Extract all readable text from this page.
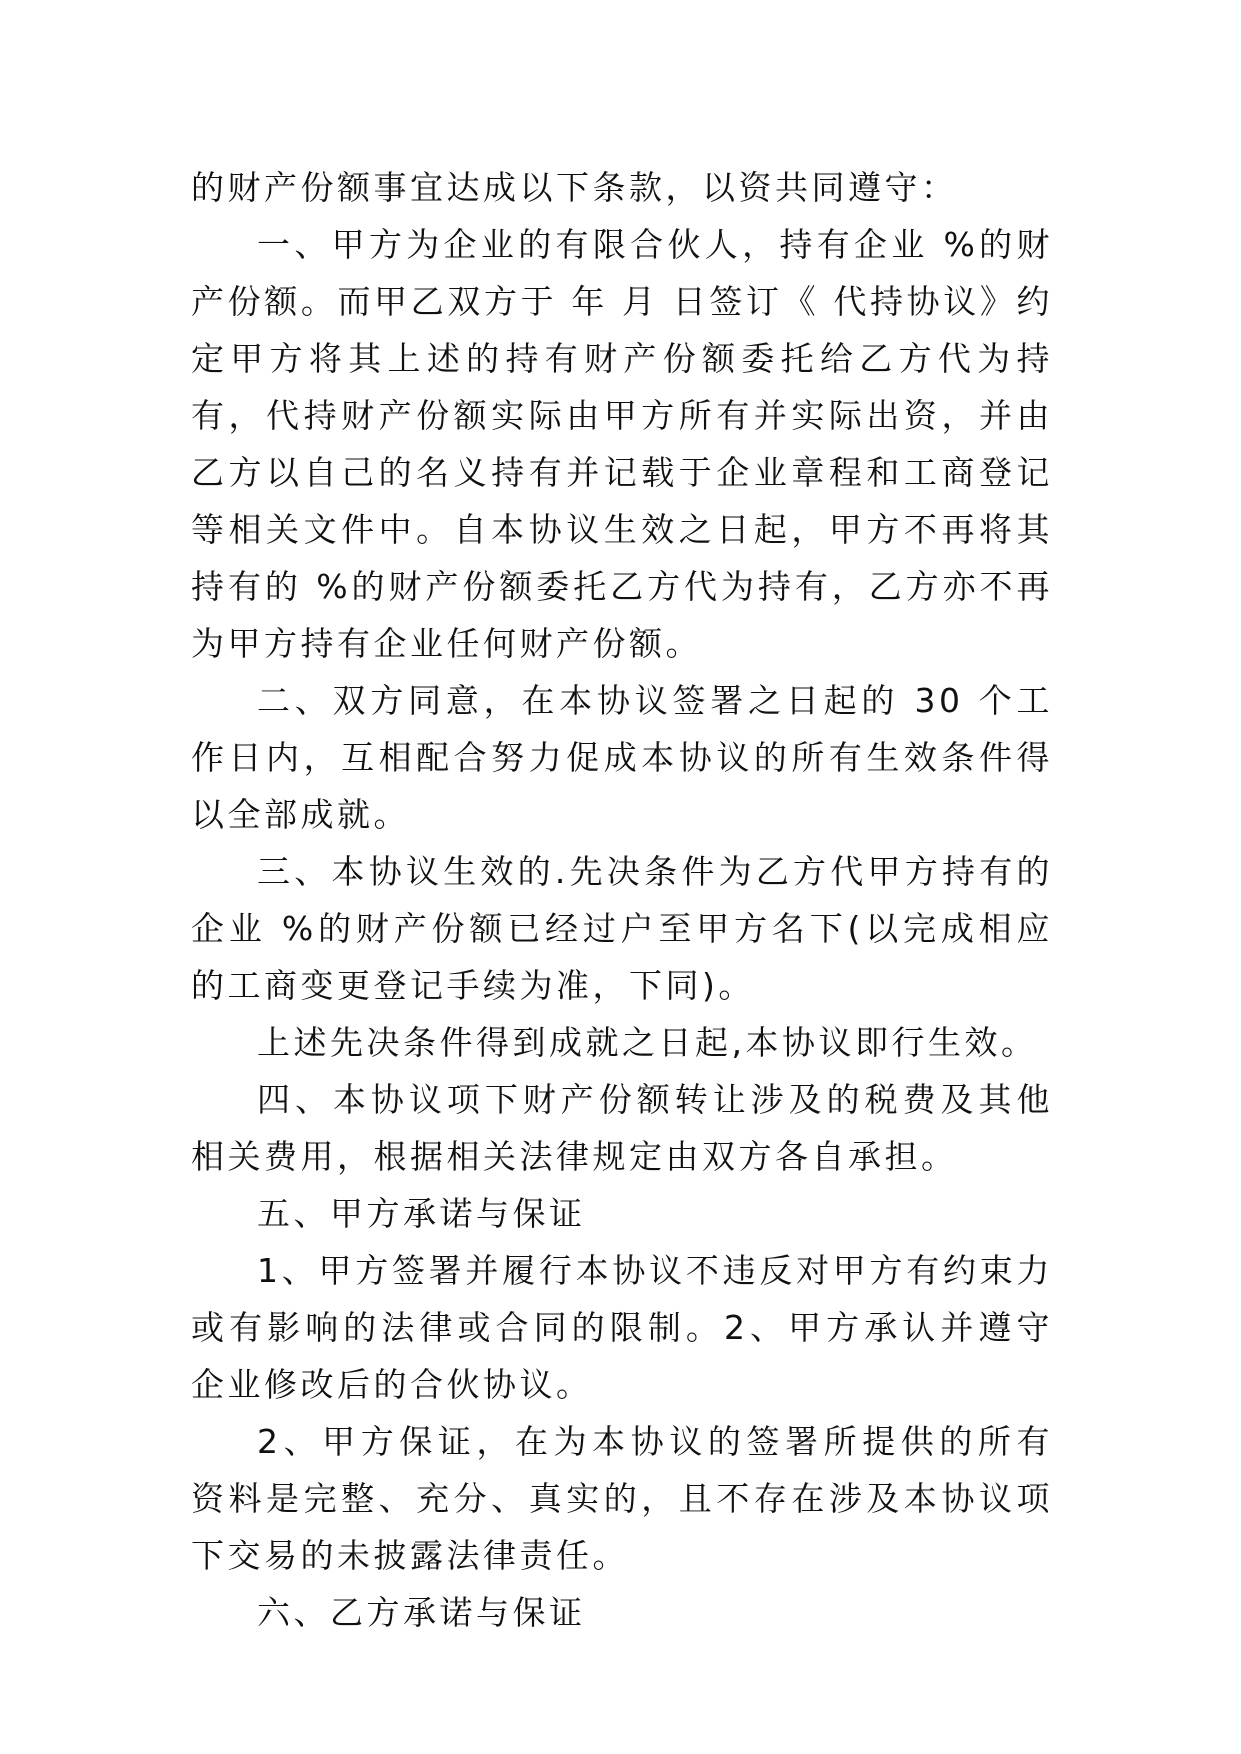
的财产份额事宜达成以下条款，以资共同遵守：

一、甲方为企业的有限合伙人，持有企业 %的财产份额。而甲乙双方于 年 月 日签订《 代持协议》约定甲方将其上述的持有财产份额委托给乙方代为持有，代持财产份额实际由甲方所有并实际出资，并由乙方以自己的名义持有并记载于企业章程和工商登记等相关文件中。自本协议生效之日起，甲方不再将其持有的 %的财产份额委托乙方代为持有，乙方亦不再为甲方持有企业任何财产份额。

二、双方同意，在本协议签署之日起的 30 个工作日内，互相配合努力促成本协议的所有生效条件得以全部成就。

三、本协议生效的.先决条件为乙方代甲方持有的企业 %的财产份额已经过户至甲方名下(以完成相应的工商变更登记手续为准，下同)。

上述先决条件得到成就之日起,本协议即行生效。

四、本协议项下财产份额转让涉及的税费及其他相关费用，根据相关法律规定由双方各自承担。

五、甲方承诺与保证

1、甲方签署并履行本协议不违反对甲方有约束力或有影响的法律或合同的限制。2、甲方承认并遵守企业修改后的合伙协议。

2、甲方保证，在为本协议的签署所提供的所有 资料是完整、充分、真实的，且不存在涉及本协议项下交易的未披露法律责任。

六、乙方承诺与保证
